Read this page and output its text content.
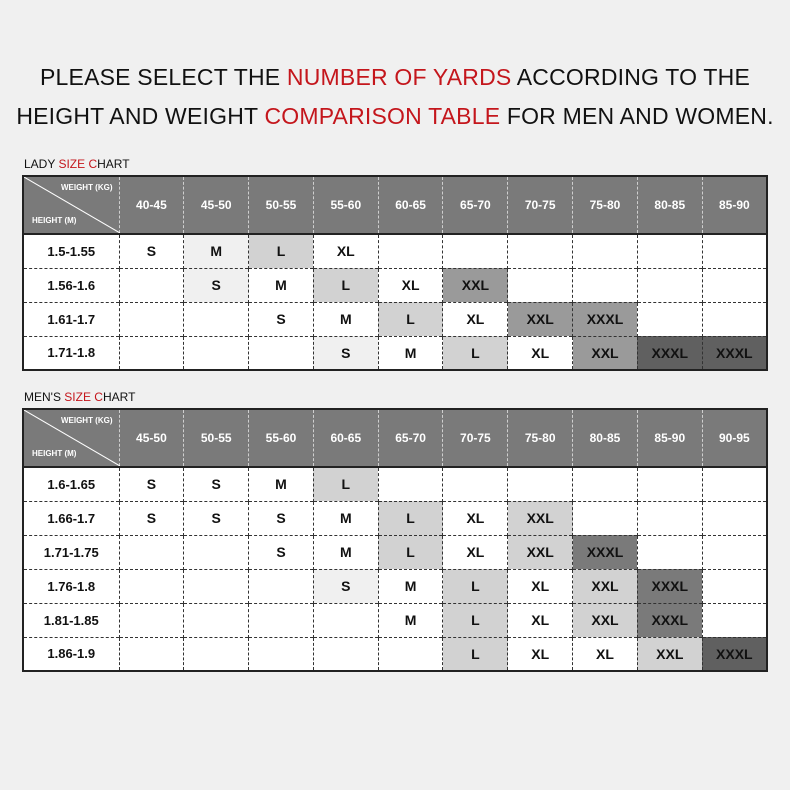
PLEASE SELECT THE NUMBER OF YARDS ACCORDING TO THE
HEIGHT AND WEIGHT COMPARISON TABLE FOR MEN AND WOMEN.
LADY SIZE CHART
WEIGHT (KG)
HEIGHT (M)	40-45	45-50	50-55	55-60	60-65	65-70	70-75	75-80	80-85	85-90
1.5-1.55	S	M	L	XL						
1.56-1.6		S	M	L	XL	XXL				
1.61-1.7			S	M	L	XL	XXL	XXXL		
1.71-1.8				S	M	L	XL	XXL	XXXL	XXXL
MEN'S SIZE CHART
WEIGHT (KG)
HEIGHT (M)	45-50	50-55	55-60	60-65	65-70	70-75	75-80	80-85	85-90	90-95
1.6-1.65	S	S	M	L						
1.66-1.7	S	S	S	M	L	XL	XXL			
1.71-1.75			S	M	L	XL	XXL	XXXL		
1.76-1.8				S	M	L	XL	XXL	XXXL	
1.81-1.85					M	L	XL	XXL	XXXL	
1.86-1.9						L	XL	XL	XXL	XXXL
